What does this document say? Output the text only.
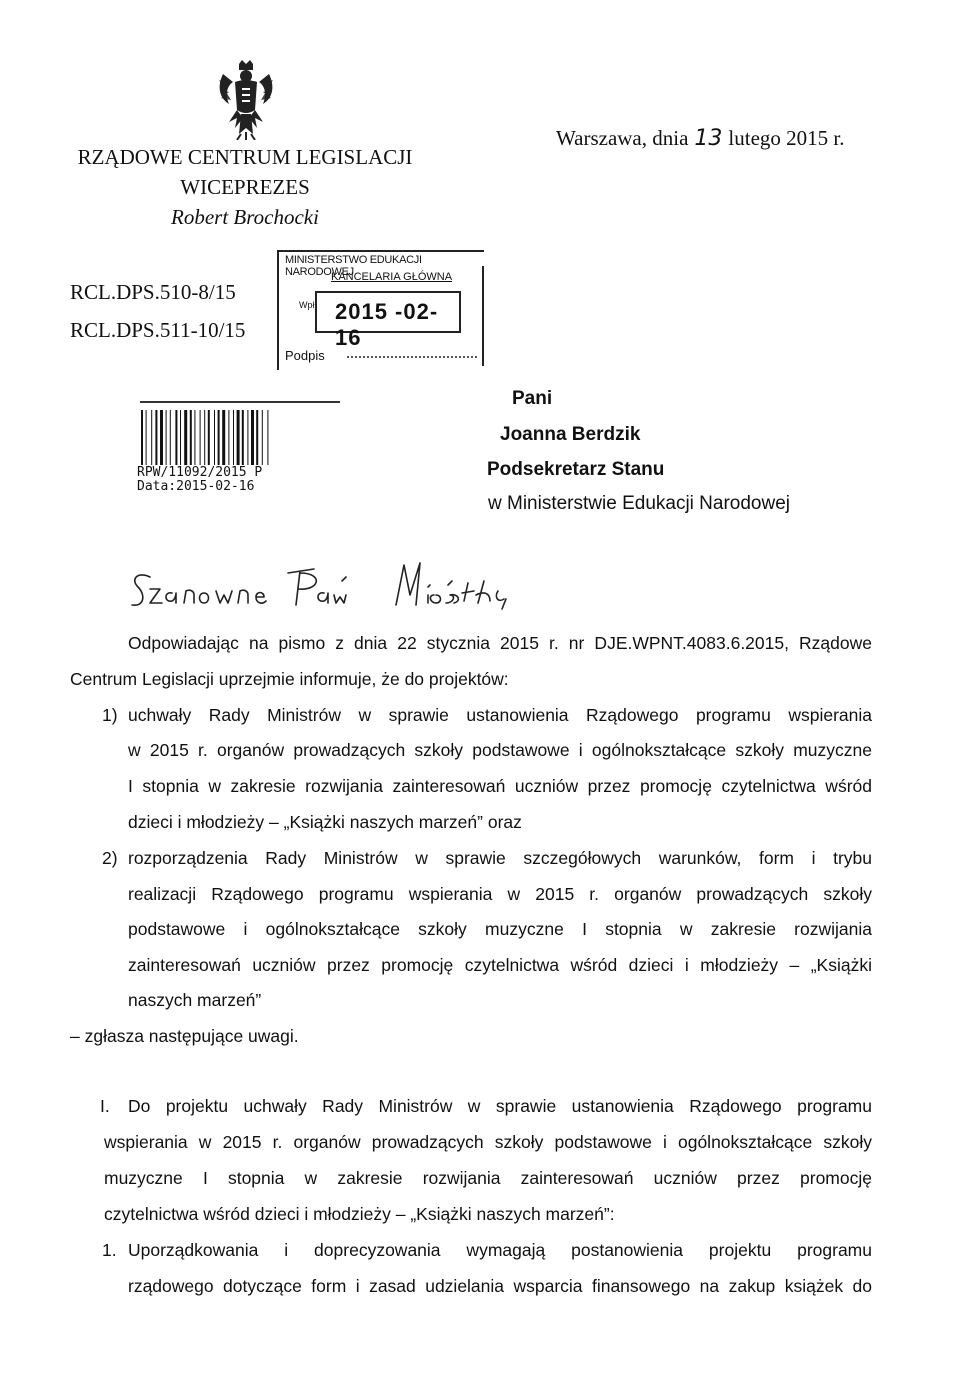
RZĄDOWE CENTRUM LEGISLACJI
WICEPREZES
Robert Brochocki
Warszawa, dnia 13 lutego 2015 r.
RCL.DPS.510-8/15
RCL.DPS.511-10/15
MINISTERSTWO EDUKACJI NARODOWEJ
KANCELARIA GŁÓWNA
Wpł. 2015 -02- 16
Podpis
RPW/11092/2015 P
Data:2015-02-16
Pani
Joanna Berdzik
Podsekretarz Stanu
w Ministerstwie Edukacji Narodowej
Odpowiadając na pismo z dnia 22 stycznia 2015 r. nr DJE.WPNT.4083.6.2015, Rządowe
Centrum Legislacji uprzejmie informuje, że do projektów:
1) uchwały Rady Ministrów w sprawie ustanowienia Rządowego programu wspierania
w 2015 r. organów prowadzących szkoły podstawowe i ogólnokształcące szkoły muzyczne
I stopnia w zakresie rozwijania zainteresowań uczniów przez promocję czytelnictwa wśród
dzieci i młodzieży – „Książki naszych marzeń” oraz
2) rozporządzenia Rady Ministrów w sprawie szczegółowych warunków, form i trybu
realizacji Rządowego programu wspierania w 2015 r. organów prowadzących szkoły
podstawowe i ogólnokształcące szkoły muzyczne I stopnia w zakresie rozwijania
zainteresowań uczniów przez promocję czytelnictwa wśród dzieci i młodzieży – „Książki
naszych marzeń”
– zgłasza następujące uwagi.
I. Do projektu uchwały Rady Ministrów w sprawie ustanowienia Rządowego programu
wspierania w 2015 r. organów prowadzących szkoły podstawowe i ogólnokształcące szkoły
muzyczne I stopnia w zakresie rozwijania zainteresowań uczniów przez promocję
czytelnictwa wśród dzieci i młodzieży – „Książki naszych marzeń”:
1. Uporządkowania i doprecyzowania wymagają postanowienia projektu programu
rządowego dotyczące form i zasad udzielania wsparcia finansowego na zakup książek do
